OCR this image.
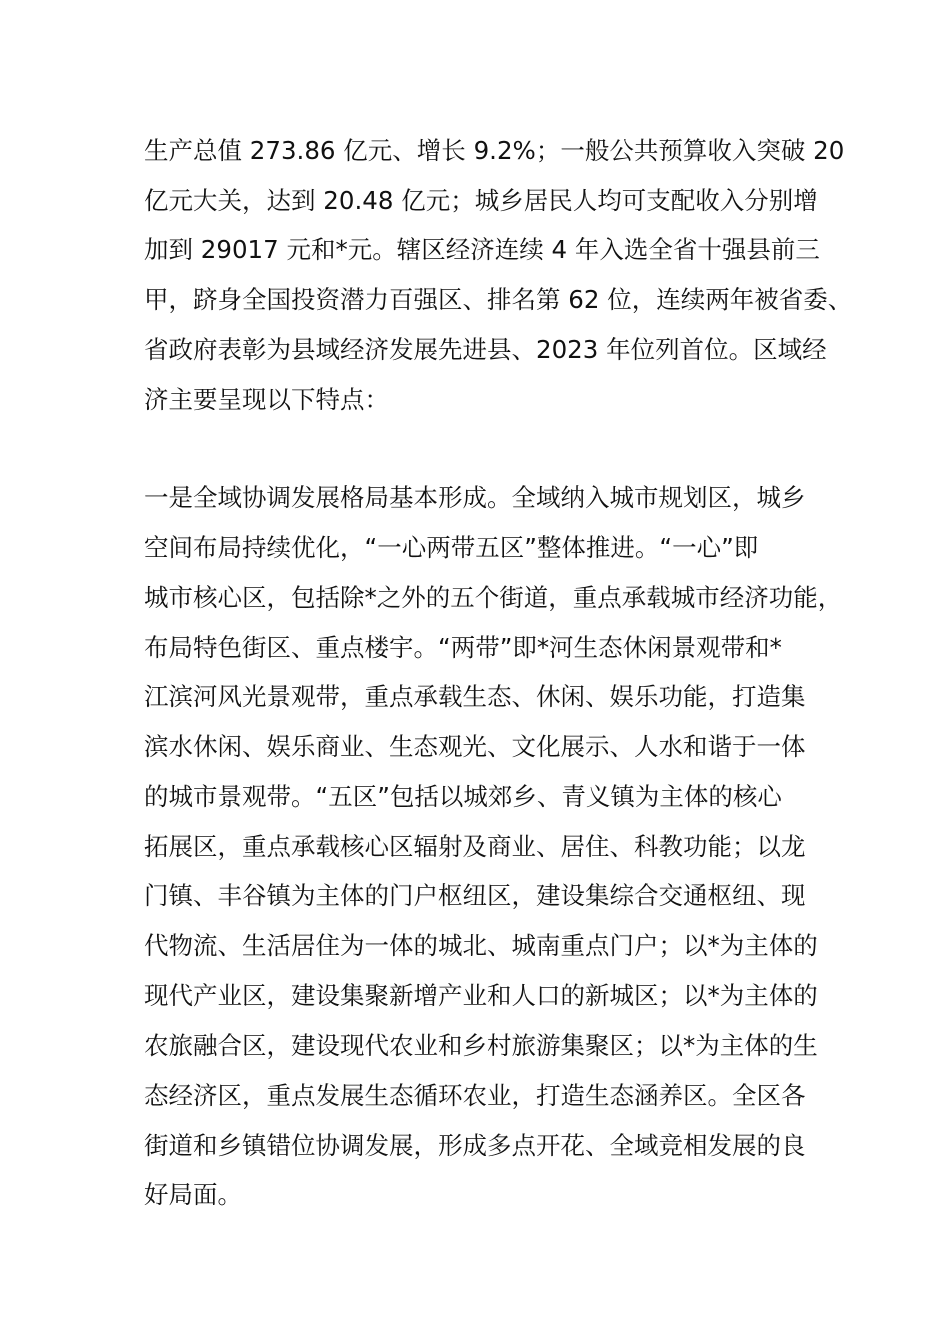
生产总值 273.86 亿元、增长 9.2%；一般公共预算收入突破 20
亿元大关，达到 20.48 亿元；城乡居民人均可支配收入分别增
加到 29017 元和*元。辖区经济连续 4 年入选全省十强县前三
甲，跻身全国投资潜力百强区、排名第 62 位，连续两年被省委、
省政府表彰为县域经济发展先进县、2023 年位列首位。区域经
济主要呈现以下特点：
一是全域协调发展格局基本形成。全域纳入城市规划区，城乡
空间布局持续优化，“一心两带五区”整体推进。“一心”即
城市核心区，包括除*之外的五个街道，重点承载城市经济功能，
布局特色街区、重点楼宇。“两带”即*河生态休闲景观带和*
江滨河风光景观带，重点承载生态、休闲、娱乐功能，打造集
滨水休闲、娱乐商业、生态观光、文化展示、人水和谐于一体
的城市景观带。“五区”包括以城郊乡、青义镇为主体的核心
拓展区，重点承载核心区辐射及商业、居住、科教功能；以龙
门镇、丰谷镇为主体的门户枢纽区，建设集综合交通枢纽、现
代物流、生活居住为一体的城北、城南重点门户；以*为主体的
现代产业区，建设集聚新增产业和人口的新城区；以*为主体的
农旅融合区，建设现代农业和乡村旅游集聚区；以*为主体的生
态经济区，重点发展生态循环农业，打造生态涵养区。全区各
街道和乡镇错位协调发展，形成多点开花、全域竞相发展的良
好局面。
